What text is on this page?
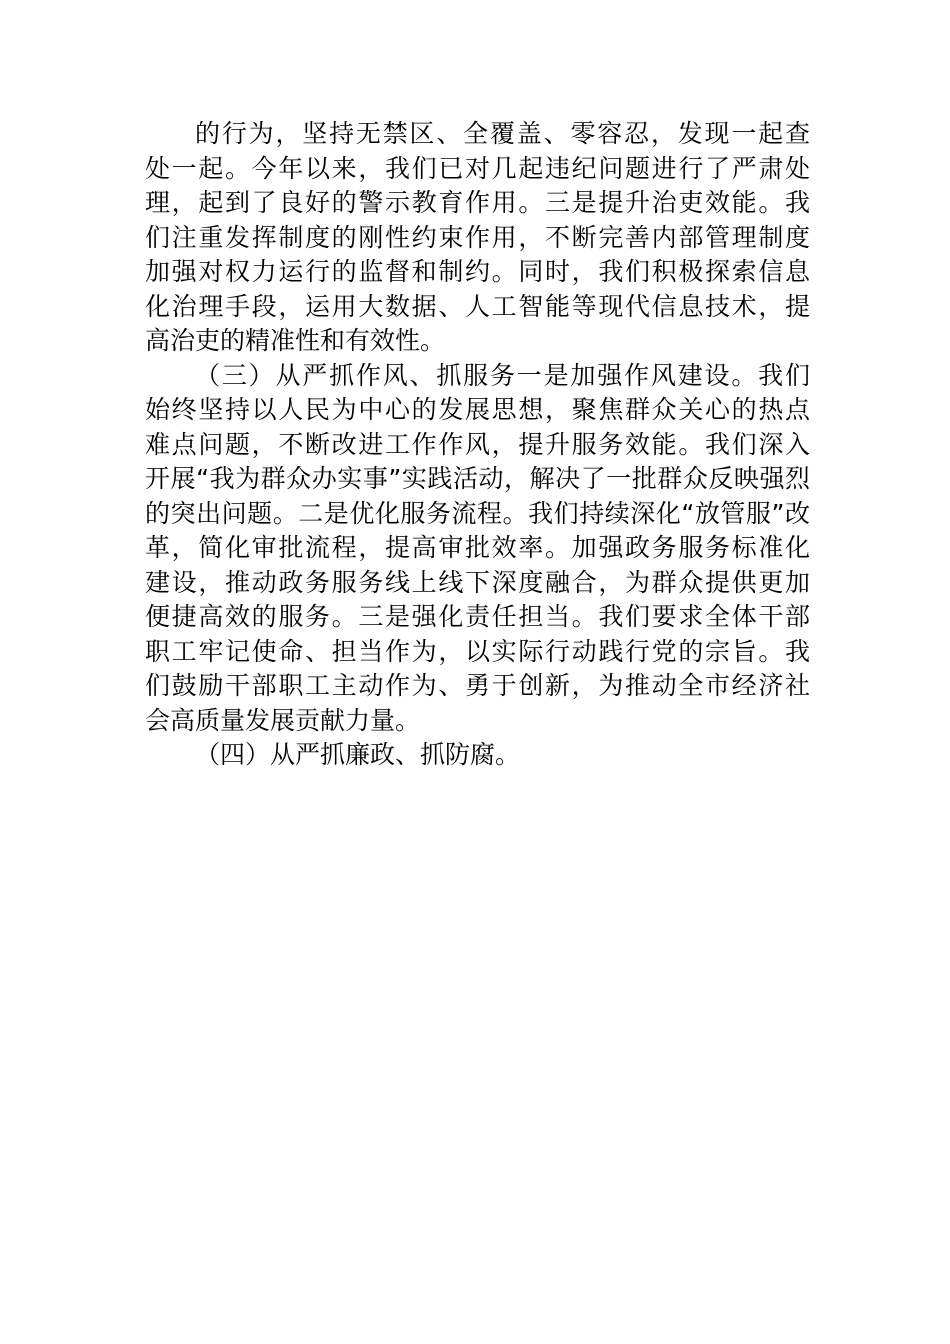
的行为，坚持无禁区、全覆盖、零容忍，发现一起查
处一起。今年以来，我们已对几起违纪问题进行了严肃处
理，起到了良好的警示教育作用。三是提升治吏效能。我
们注重发挥制度的刚性约束作用，不断完善内部管理制度
加强对权力运行的监督和制约。同时，我们积极探索信息
化治理手段，运用大数据、人工智能等现代信息技术，提
高治吏的精准性和有效性。
（三）从严抓作风、抓服务一是加强作风建设。我们
始终坚持以人民为中心的发展思想，聚焦群众关心的热点
难点问题，不断改进工作作风，提升服务效能。我们深入
开展“我为群众办实事”实践活动，解决了一批群众反映强烈
的突出问题。二是优化服务流程。我们持续深化“放管服”改
革，简化审批流程，提高审批效率。加强政务服务标准化
建设，推动政务服务线上线下深度融合，为群众提供更加
便捷高效的服务。三是强化责任担当。我们要求全体干部
职工牢记使命、担当作为，以实际行动践行党的宗旨。我
们鼓励干部职工主动作为、勇于创新，为推动全市经济社
会高质量发展贡献力量。
（四）从严抓廉政、抓防腐。
